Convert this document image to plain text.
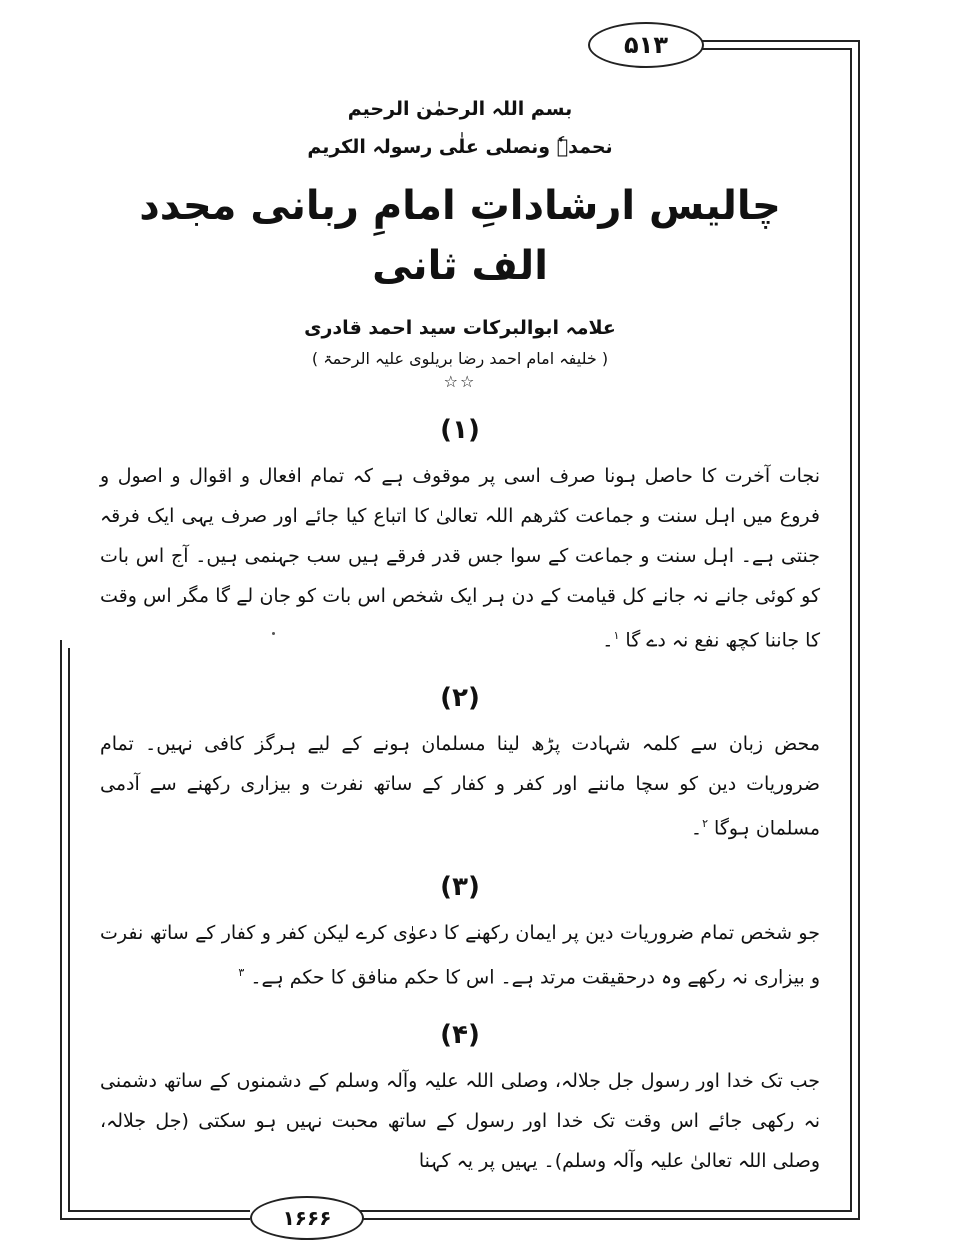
۵۱۳
۱۶۶۶
بسم اللہ الرحمٰن الرحیم
نحمدہٗ ونصلی علٰی رسولہ الکریم
چالیس ارشاداتِ امامِ ربانی مجدد الف ثانی
علامہ ابوالبرکات سید احمد قادری
( خلیفہ امام احمد رضا بریلوی علیہ الرحمۃ )
☆☆
(۱)
نجات آخرت کا حاصل ہونا صرف اسی پر موقوف ہے کہ تمام افعال و اقوال و اصول و فروع میں اہل سنت و جماعت کثرھم اللہ تعالیٰ کا اتباع کیا جائے اور صرف یہی ایک فرقہ جنتی ہے۔ اہل سنت و جماعت کے سوا جس قدر فرقے ہیں سب جہنمی ہیں۔ آج اس بات کو کوئی جانے نہ جانے کل قیامت کے دن ہر ایک شخص اس بات کو جان لے گا مگر اس وقت کا جاننا کچھ نفع نہ دے گا $^۱$۔
(۲)
محض زبان سے کلمہ شہادت پڑھ لینا مسلمان ہونے کے لیے ہرگز کافی نہیں۔ تمام ضروریات دین کو سچا ماننے اور کفر و کفار کے ساتھ نفرت و بیزاری رکھنے سے آدمی مسلمان ہوگا $^۲$۔
(۳)
جو شخص تمام ضروریات دین پر ایمان رکھنے کا دعوٰی کرے لیکن کفر و کفار کے ساتھ نفرت و بیزاری نہ رکھے وہ درحقیقت مرتد ہے۔ اس کا حکم منافق کا حکم ہے۔ $^۳$
(۴)
جب تک خدا اور رسول جل جلالہ، وصلی اللہ علیہ وآلہ وسلم کے دشمنوں کے ساتھ دشمنی نہ رکھی جائے اس وقت تک خدا اور رسول کے ساتھ محبت نہیں ہو سکتی (جل جلالہ، وصلی اللہ تعالیٰ علیہ وآلہ وسلم)۔ یہیں پر یہ کہنا
